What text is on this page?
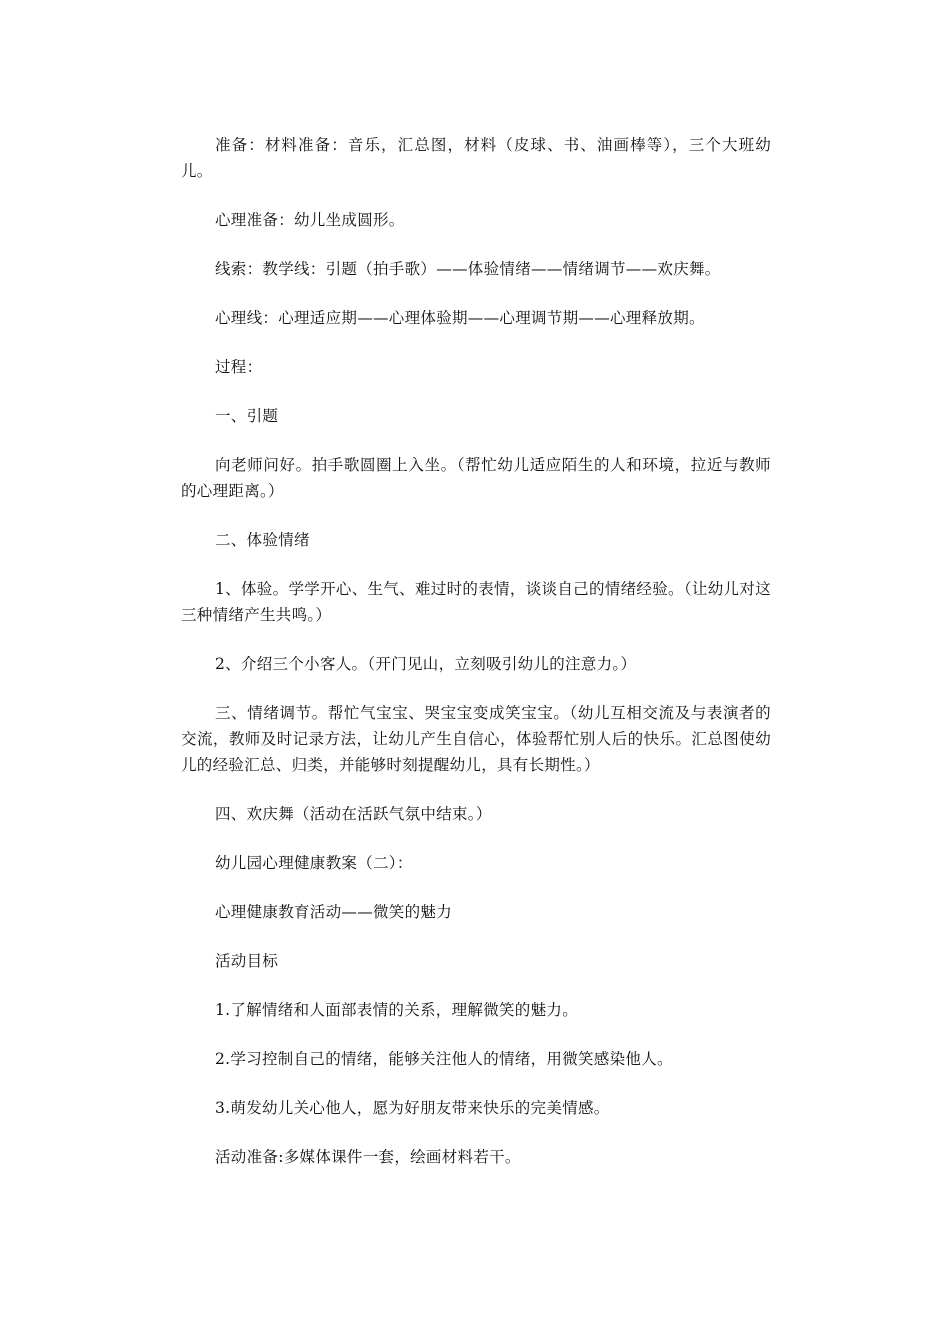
准备：材料准备：音乐，汇总图，材料（皮球、书、油画棒等），三个大班幼儿。

心理准备：幼儿坐成圆形。

线索：教学线：引题（拍手歌）——体验情绪——情绪调节——欢庆舞。

心理线：心理适应期——心理体验期——心理调节期——心理释放期。

过程：

一、引题

向老师问好。拍手歌圆圈上入坐。（帮忙幼儿适应陌生的人和环境，拉近与教师的心理距离。）

二、体验情绪

1、体验。学学开心、生气、难过时的表情，谈谈自己的情绪经验。（让幼儿对这三种情绪产生共鸣。）

2、介绍三个小客人。（开门见山，立刻吸引幼儿的注意力。）

三、情绪调节。帮忙气宝宝、哭宝宝变成笑宝宝。（幼儿互相交流及与表演者的交流，教师及时记录方法，让幼儿产生自信心，体验帮忙别人后的快乐。汇总图使幼儿的经验汇总、归类，并能够时刻提醒幼儿，具有长期性。）

四、欢庆舞（活动在活跃气氛中结束。）

幼儿园心理健康教案（二）：

心理健康教育活动——微笑的魅力

活动目标

1.了解情绪和人面部表情的关系，理解微笑的魅力。

2.学习控制自己的情绪，能够关注他人的情绪，用微笑感染他人。

3.萌发幼儿关心他人，愿为好朋友带来快乐的完美情感。

活动准备:多媒体课件一套，绘画材料若干。
